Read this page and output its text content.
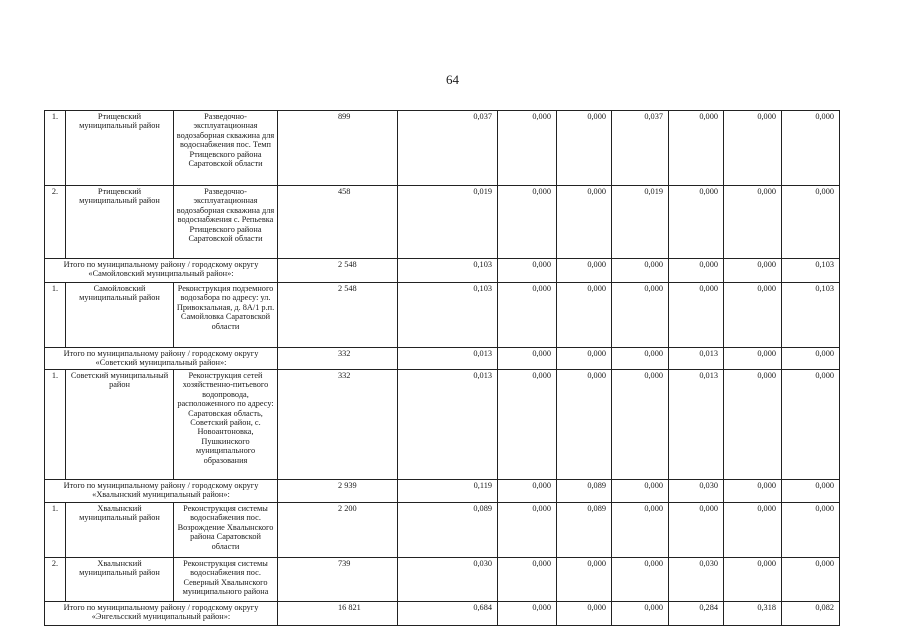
64
1.	Ртищевский муниципальный район	Разведочно-эксплуатационная водозаборная скважина для водоснабжения пос. Темп Ртищевского района Саратовской области	899	0,037	0,000	0,000	0,037	0,000	0,000	0,000
2.	Ртищевский муниципальный район	Разведочно-эксплуатационная водозаборная скважина для водоснабжения с. Репьевка Ртищевского района Саратовской области	458	0,019	0,000	0,000	0,019	0,000	0,000	0,000
Итого по муниципальному району / городскому округу «Самойловский муниципальный район»:			2 548	0,103	0,000	0,000	0,000	0,000	0,000	0,103
1.	Самойловский муниципальный район	Реконструкция подземного водозабора по адресу: ул. Привокзальная, д. 8А/1 р.п. Самойловка Саратовской области	2 548	0,103	0,000	0,000	0,000	0,000	0,000	0,103
Итого по муниципальному району / городскому округу «Советский муниципальный район»:			332	0,013	0,000	0,000	0,000	0,013	0,000	0,000
1.	Советский муниципальный район	Реконструкция сетей хозяйственно-питьевого водопровода, расположенного по адресу: Саратовская область, Советский район, с. Новоантоновка, Пушкинского муниципального образования	332	0,013	0,000	0,000	0,000	0,013	0,000	0,000
Итого по муниципальному району / городскому округу «Хвалынский муниципальный район»:			2 939	0,119	0,000	0,089	0,000	0,030	0,000	0,000
1.	Хвалынский муниципальный район	Реконструкция системы водоснабжения пос. Возрождение Хвалынского района Саратовской области	2 200	0,089	0,000	0,089	0,000	0,000	0,000	0,000
2.	Хвалынский муниципальный район	Реконструкция системы водоснабжения пос. Северный Хвалынского муниципального района	739	0,030	0,000	0,000	0,000	0,030	0,000	0,000
Итого по муниципальному району / городскому округу «Энгельсский муниципальный район»:			16 821	0,684	0,000	0,000	0,000	0,284	0,318	0,082
